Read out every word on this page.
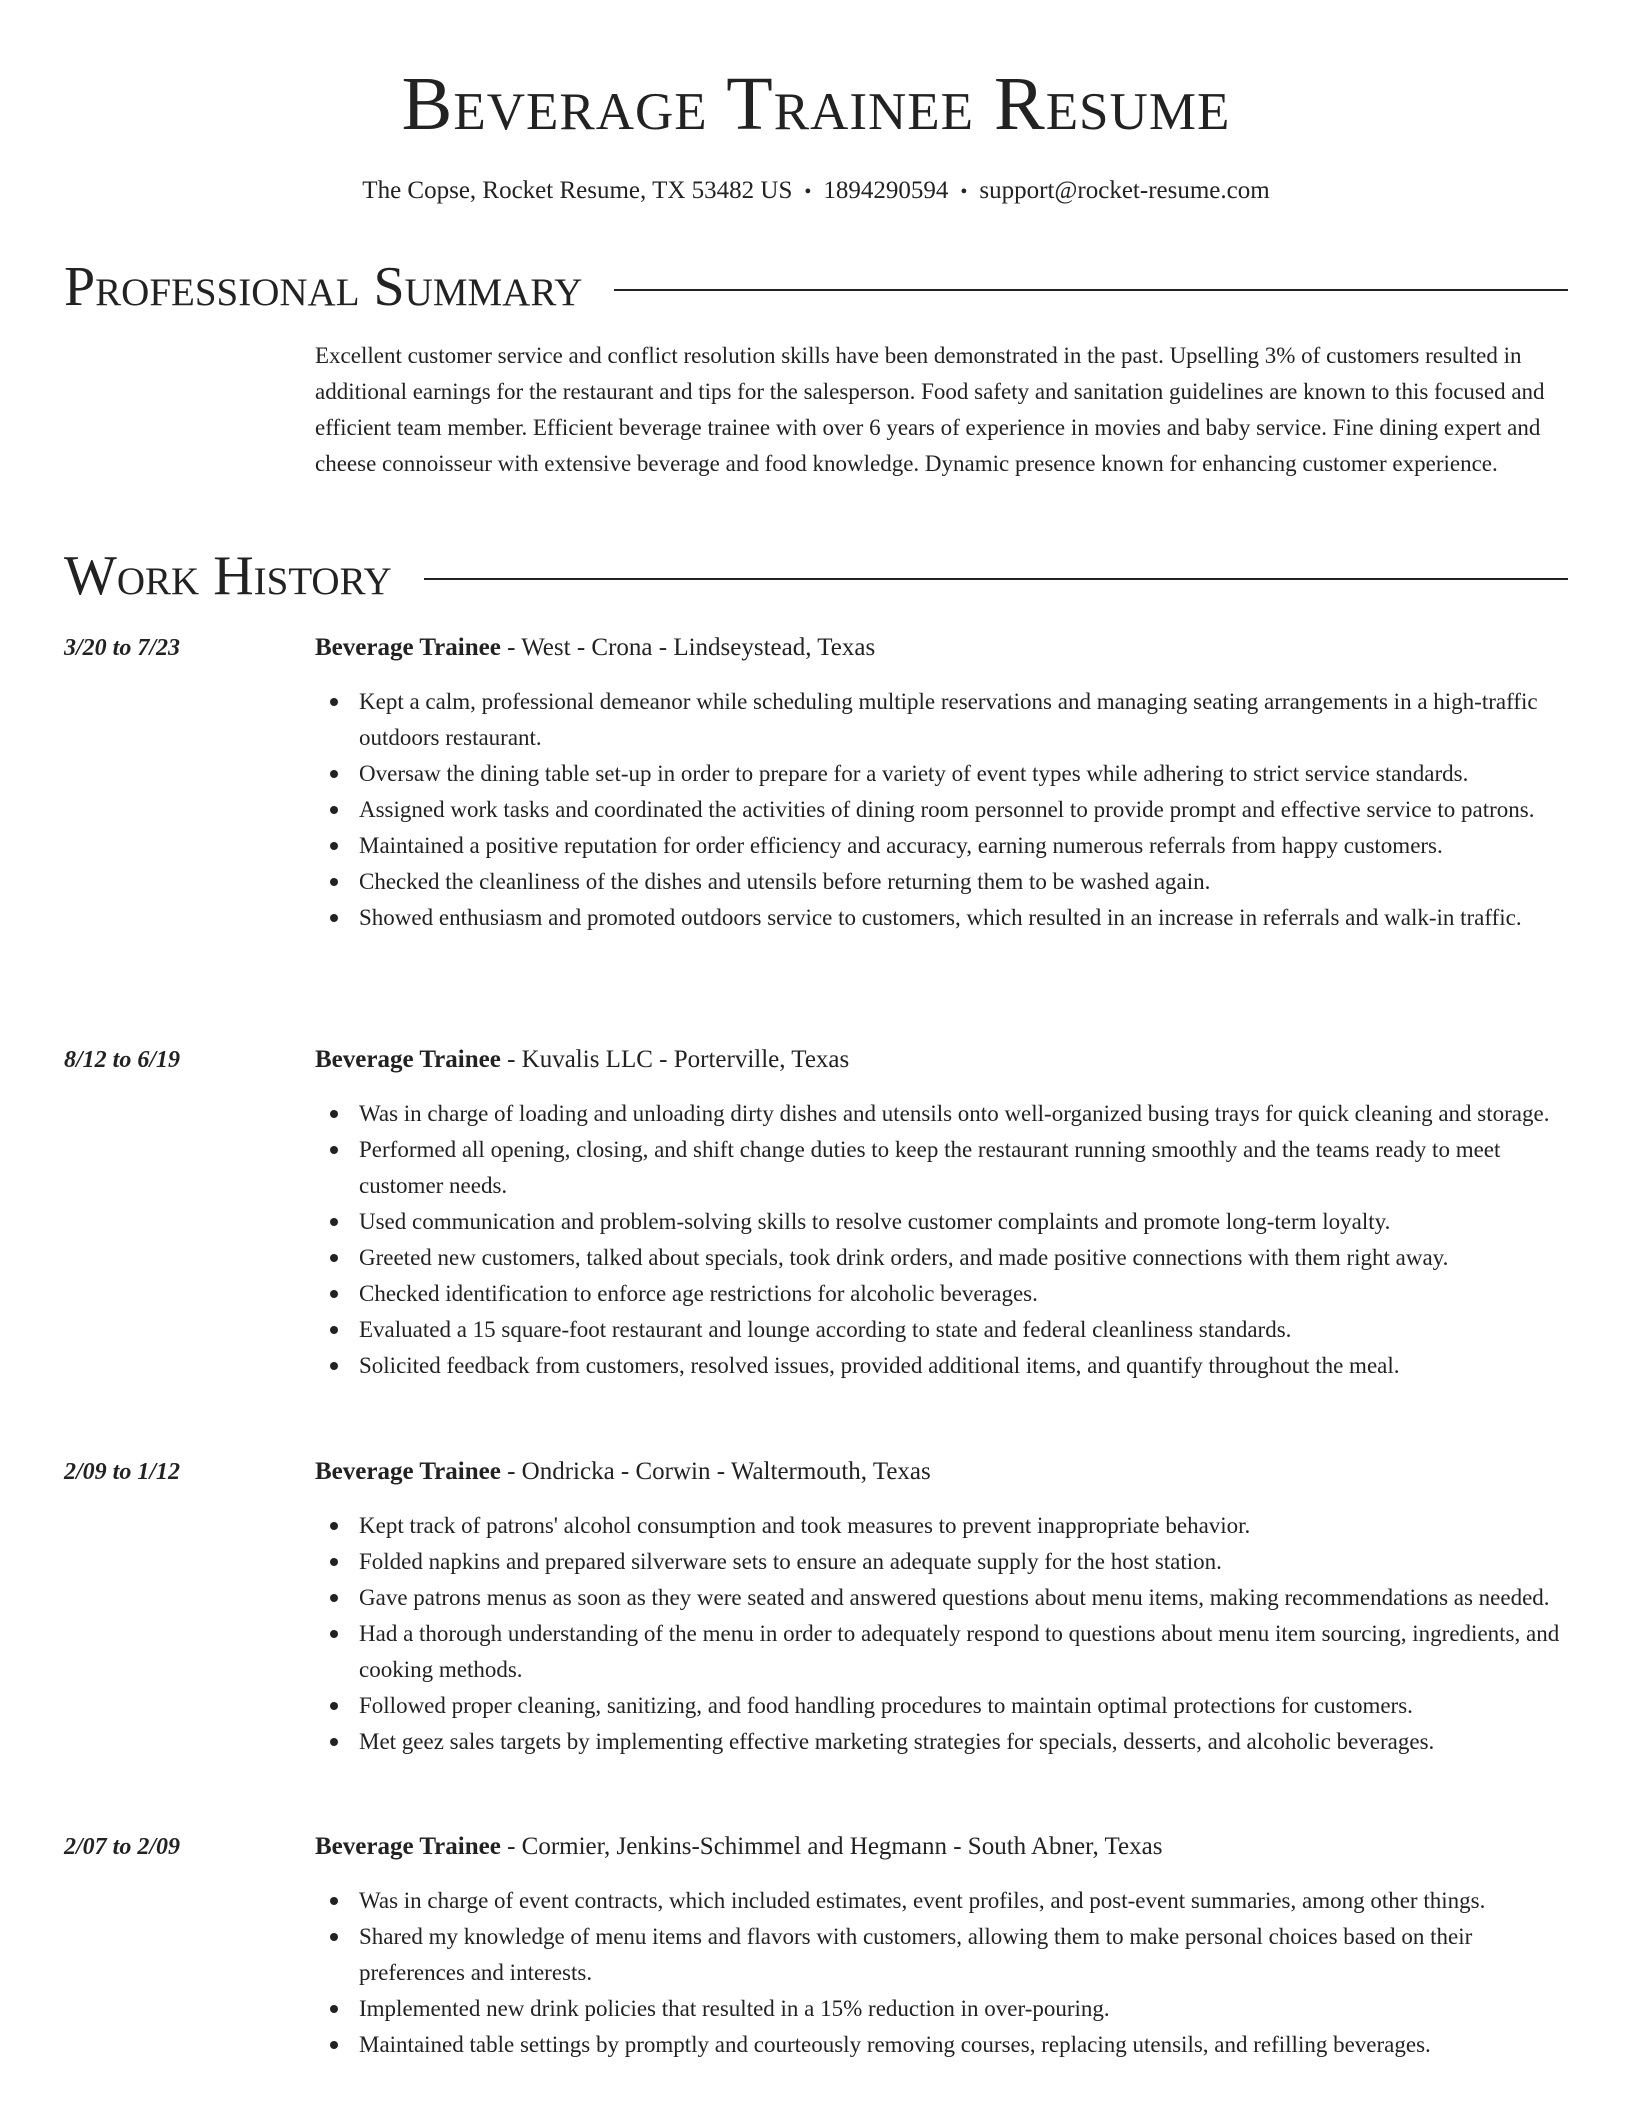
Beverage Trainee Resume
The Copse, Rocket Resume, TX 53482 US • 1894290594 • support@rocket-resume.com
Professional Summary

Excellent customer service and conflict resolution skills have been demonstrated in the past. Upselling 3% of customers resulted in additional earnings for the restaurant and tips for the salesperson. Food safety and sanitation guidelines are known to this focused and efficient team member. Efficient beverage trainee with over 6 years of experience in movies and baby service. Fine dining expert and cheese connoisseur with extensive beverage and food knowledge. Dynamic presence known for enhancing customer experience.

Work History
3/20 to 7/23	Beverage Trainee - West - Crona - Lindseystead, Texas
Kept a calm, professional demeanor while scheduling multiple reservations and managing seating arrangements in a high-traffic outdoors restaurant.
Oversaw the dining table set-up in order to prepare for a variety of event types while adhering to strict service standards.
Assigned work tasks and coordinated the activities of dining room personnel to provide prompt and effective service to patrons.
Maintained a positive reputation for order efficiency and accuracy, earning numerous referrals from happy customers.
Checked the cleanliness of the dishes and utensils before returning them to be washed again.
Showed enthusiasm and promoted outdoors service to customers, which resulted in an increase in referrals and walk-in traffic.
8/12 to 6/19	Beverage Trainee - Kuvalis LLC - Porterville, Texas
Was in charge of loading and unloading dirty dishes and utensils onto well-organized busing trays for quick cleaning and storage.
Performed all opening, closing, and shift change duties to keep the restaurant running smoothly and the teams ready to meet customer needs.
Used communication and problem-solving skills to resolve customer complaints and promote long-term loyalty.
Greeted new customers, talked about specials, took drink orders, and made positive connections with them right away.
Checked identification to enforce age restrictions for alcoholic beverages.
Evaluated a 15 square-foot restaurant and lounge according to state and federal cleanliness standards.
Solicited feedback from customers, resolved issues, provided additional items, and quantify throughout the meal.
2/09 to 1/12	Beverage Trainee - Ondricka - Corwin - Waltermouth, Texas
Kept track of patrons' alcohol consumption and took measures to prevent inappropriate behavior.
Folded napkins and prepared silverware sets to ensure an adequate supply for the host station.
Gave patrons menus as soon as they were seated and answered questions about menu items, making recommendations as needed.
Had a thorough understanding of the menu in order to adequately respond to questions about menu item sourcing, ingredients, and cooking methods.
Followed proper cleaning, sanitizing, and food handling procedures to maintain optimal protections for customers.
Met geez sales targets by implementing effective marketing strategies for specials, desserts, and alcoholic beverages.
2/07 to 2/09	Beverage Trainee - Cormier, Jenkins-Schimmel and Hegmann - South Abner, Texas
Was in charge of event contracts, which included estimates, event profiles, and post-event summaries, among other things.
Shared my knowledge of menu items and flavors with customers, allowing them to make personal choices based on their preferences and interests.
Implemented new drink policies that resulted in a 15% reduction in over-pouring.
Maintained table settings by promptly and courteously removing courses, replacing utensils, and refilling beverages.
